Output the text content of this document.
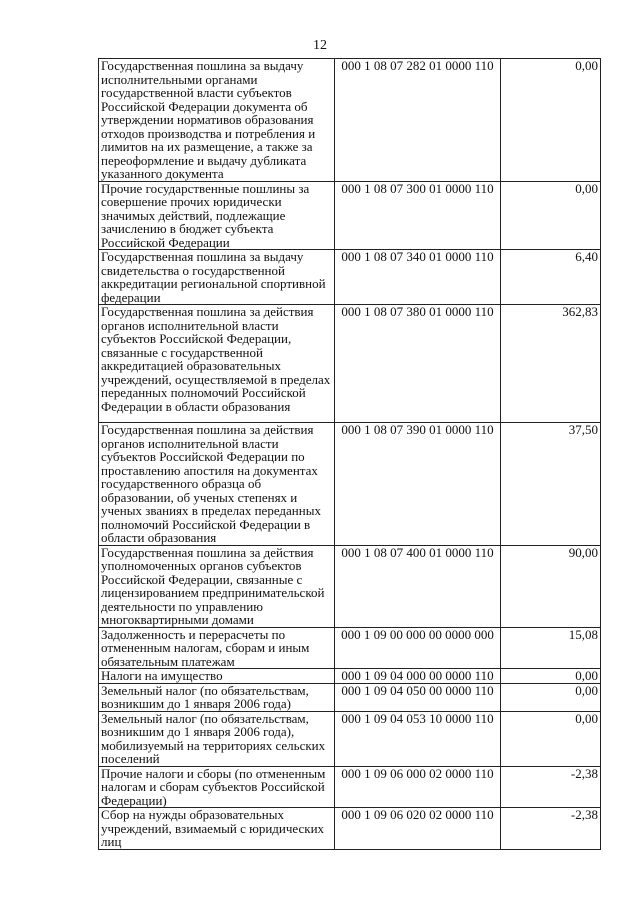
12
Государственная пошлина за выдачу исполнительными органами государственной власти субъектов Российской Федерации документа об утверждении нормативов образования отходов производства и потребления и лимитов на их размещение, а также за переоформление и выдачу дубликата указанного документа	000 1 08 07 282 01 0000 110	0,00

Прочие государственные пошлины за совершение прочих юридически значимых действий, подлежащие зачислению в бюджет субъекта Российской Федерации	000 1 08 07 300 01 0000 110	0,00

Государственная пошлина за выдачу свидетельства о государственной аккредитации региональной спортивной федерации	000 1 08 07 340 01 0000 110	6,40

Государственная пошлина за действия органов исполнительной власти субъектов Российской Федерации, связанные с государственной аккредитацией образовательных учреждений, осуществляемой в пределах переданных полномочий Российской Федерации в области образования	000 1 08 07 380 01 0000 110	362,83

Государственная пошлина за действия органов исполнительной власти субъектов Российской Федерации по проставлению апостиля на документах государственного образца об образовании, об ученых степенях и ученых званиях в пределах переданных полномочий Российской Федерации в области образования	000 1 08 07 390 01 0000 110	37,50

Государственная пошлина за действия уполномоченных органов субъектов Российской Федерации, связанные с лицензированием предпринимательской деятельности по управлению многоквартирными домами	000 1 08 07 400 01 0000 110	90,00

Задолженность и перерасчеты по отмененным налогам, сборам и иным обязательным платежам	000 1 09 00 000 00 0000 000	15,08

Налоги на имущество	000 1 09 04 000 00 0000 110	0,00

Земельный налог (по обязательствам, возникшим до 1 января 2006 года)	000 1 09 04 050 00 0000 110	0,00

Земельный налог (по обязательствам, возникшим до 1 января 2006 года), мобилизуемый на территориях сельских поселений	000 1 09 04 053 10 0000 110	0,00

Прочие налоги и сборы (по отмененным налогам и сборам субъектов Российской Федерации)	000 1 09 06 000 02 0000 110	-2,38

Сбор на нужды образовательных учреждений, взимаемый с юридических лиц	000 1 09 06 020 02 0000 110	-2,38
